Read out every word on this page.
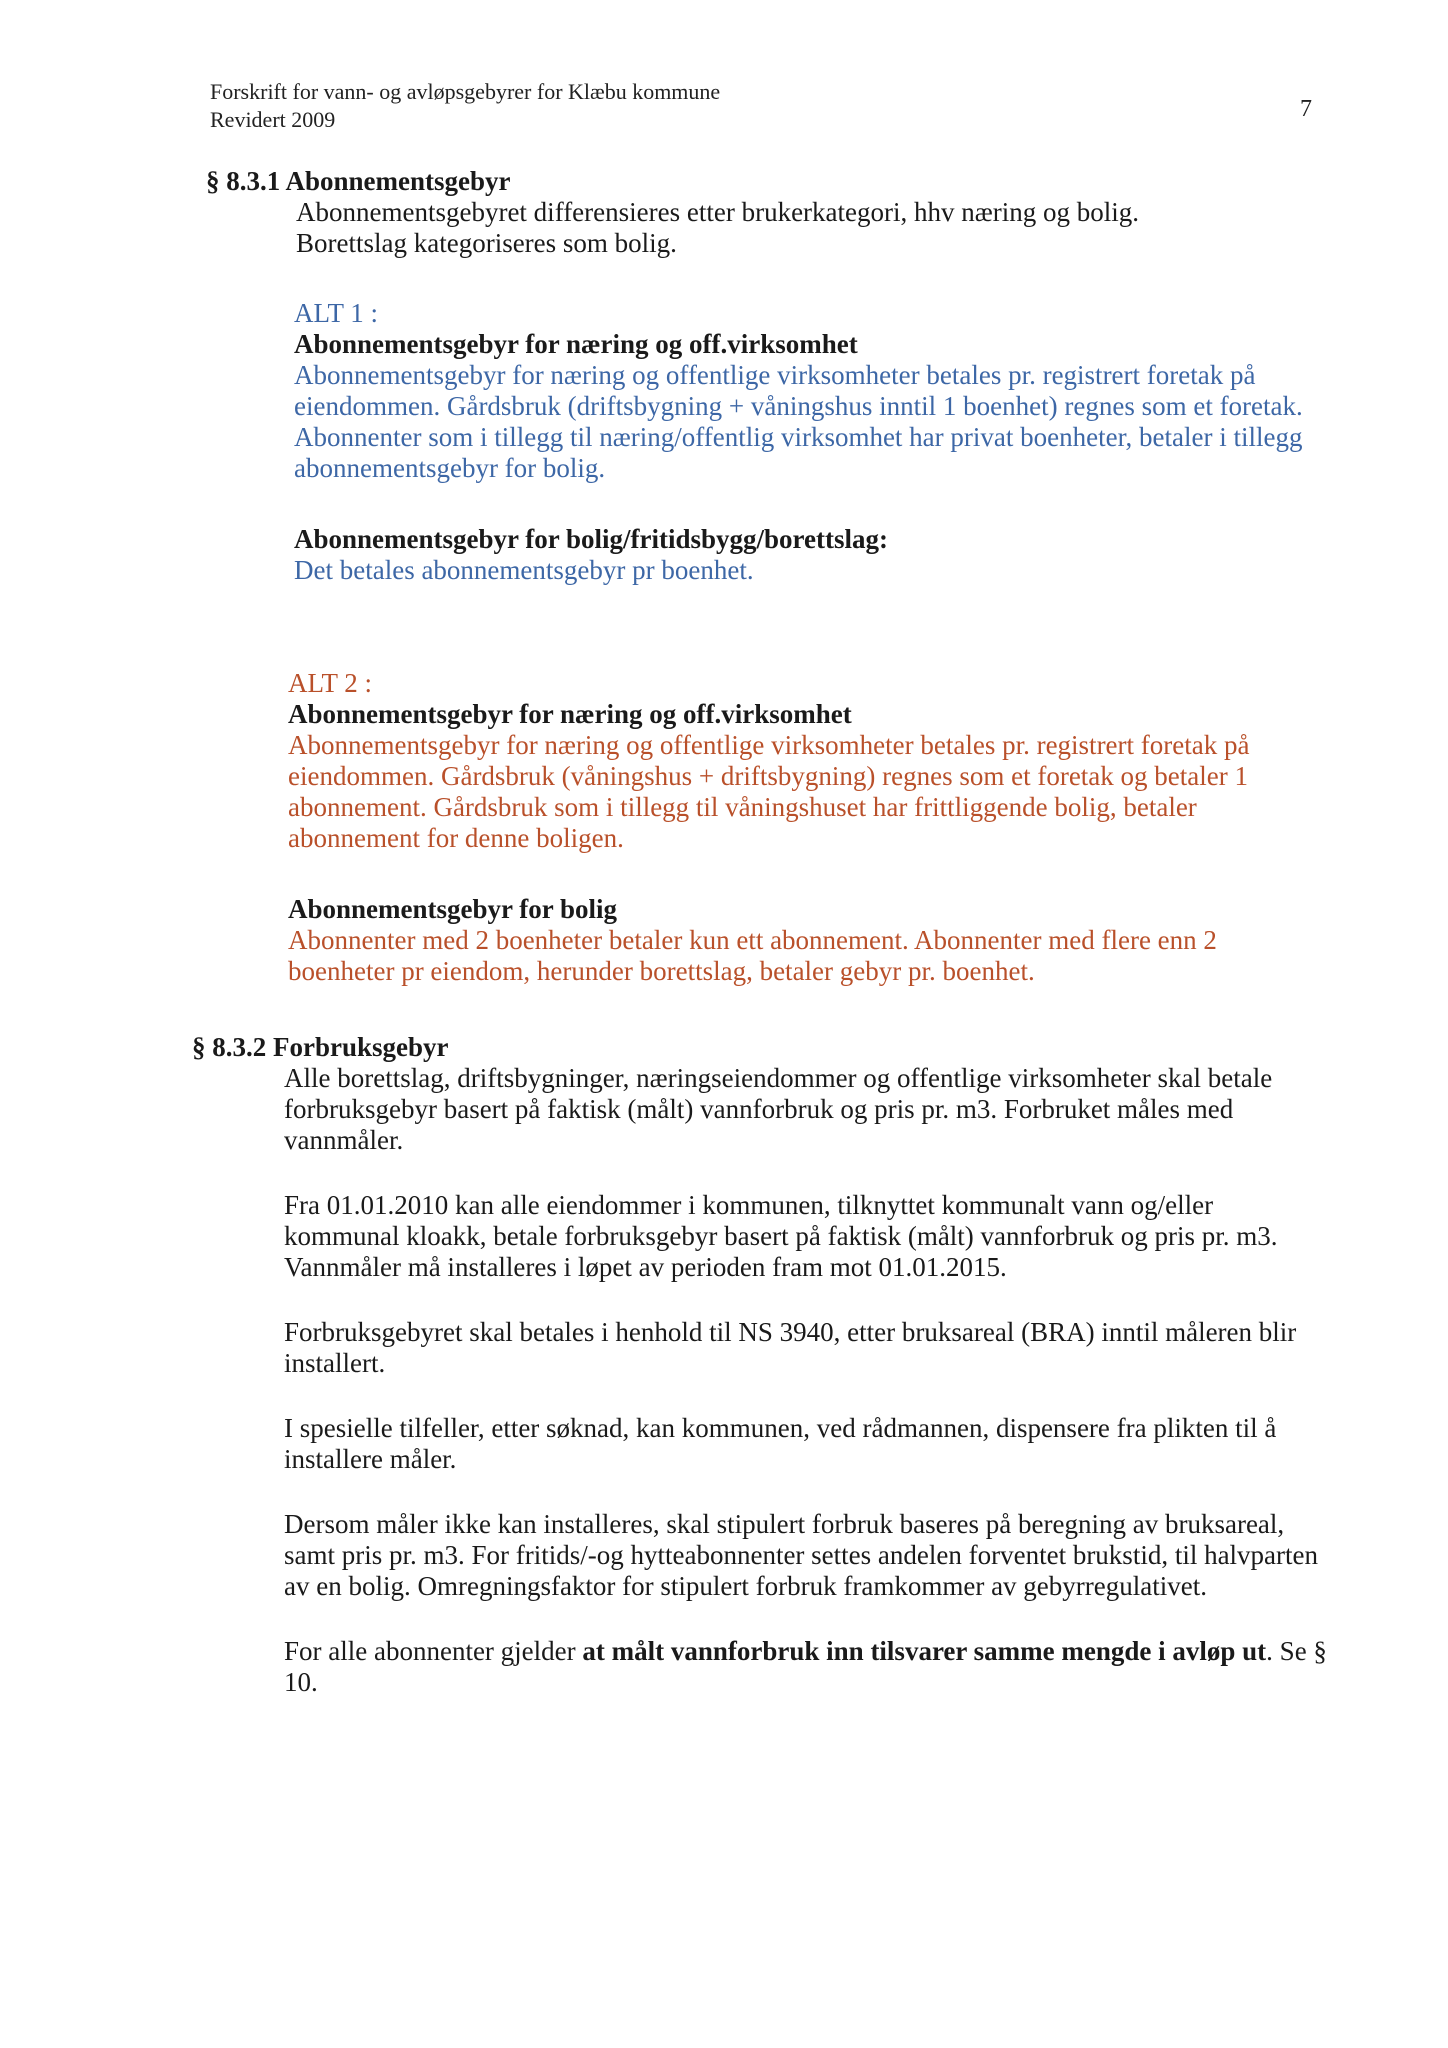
Forskrift for vann- og avløpsgebyrer for Klæbu kommune
Revidert 2009	7
§ 8.3.1 Abonnementsgebyr

Abonnementsgebyret differensieres etter brukerkategori, hhv næring og bolig.

Borettslag kategoriseres som bolig.

ALT 1 :
Abonnementsgebyr for næring og off.virksomhet

Abonnementsgebyr for næring og offentlige virksomheter betales pr. registrert foretak på eiendommen. Gårdsbruk (driftsbygning + våningshus inntil 1 boenhet) regnes som et foretak.

Abonnenter som i tillegg til næring/offentlig virksomhet har privat boenheter, betaler i tillegg abonnementsgebyr for bolig.

Abonnementsgebyr for bolig/fritidsbygg/borettslag:

Det betales abonnementsgebyr pr boenhet.

ALT 2 :
Abonnementsgebyr for næring og off.virksomhet

Abonnementsgebyr for næring og offentlige virksomheter betales pr. registrert foretak på eiendommen. Gårdsbruk (våningshus + driftsbygning) regnes som et foretak og betaler 1 abonnement. Gårdsbruk som i tillegg til våningshuset har frittliggende bolig, betaler abonnement for denne boligen.

Abonnementsgebyr for bolig

Abonnenter med 2 boenheter betaler kun ett abonnement. Abonnenter med flere enn 2 boenheter pr eiendom, herunder borettslag, betaler gebyr pr. boenhet.

§ 8.3.2 Forbruksgebyr

Alle borettslag, driftsbygninger, næringseiendommer og offentlige virksomheter skal betale forbruksgebyr basert på faktisk (målt) vannforbruk og pris pr. m3. Forbruket måles med vannmåler.

Fra 01.01.2010 kan alle eiendommer i kommunen, tilknyttet kommunalt vann og/eller kommunal kloakk, betale forbruksgebyr basert på faktisk (målt) vannforbruk og pris pr. m3. Vannmåler må installeres i løpet av perioden fram mot 01.01.2015.

Forbruksgebyret skal betales i henhold til NS 3940, etter bruksareal (BRA) inntil måleren blir installert.

I spesielle tilfeller, etter søknad, kan kommunen, ved rådmannen, dispensere fra plikten til å installere måler.

Dersom måler ikke kan installeres, skal stipulert forbruk baseres på beregning av bruksareal, samt pris pr. m3. For fritids/-og hytteabonnenter settes andelen forventet brukstid, til halvparten av en bolig. Omregningsfaktor for stipulert forbruk framkommer av gebyrregulativet.

For alle abonnenter gjelder at målt vannforbruk inn tilsvarer samme mengde i avløp ut. Se § 10.
